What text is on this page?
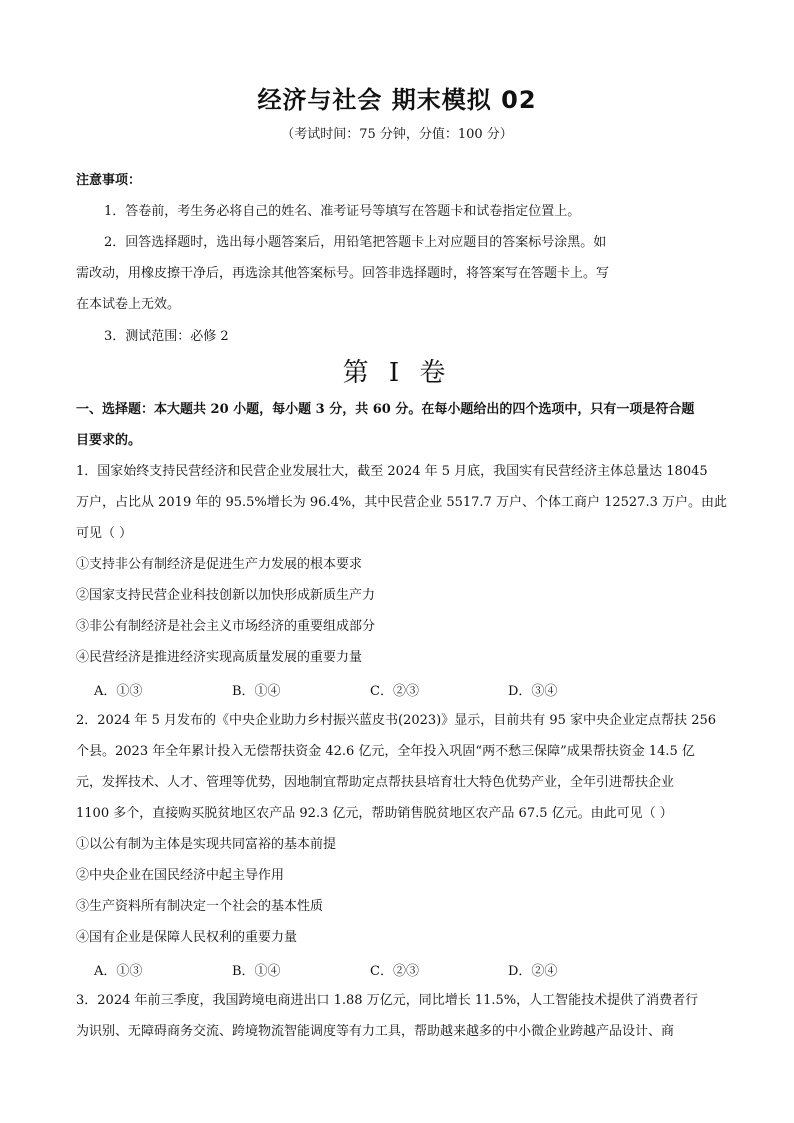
经济与社会 期末模拟 02
（考试时间：75 分钟，分值：100 分）
注意事项：
1．答卷前，考生务必将自己的姓名、准考证号等填写在答题卡和试卷指定位置上。
2．回答选择题时，选出每小题答案后，用铅笔把答题卡上对应题目的答案标号涂黑。如
需改动，用橡皮擦干净后，再选涂其他答案标号。回答非选择题时，将答案写在答题卡上。写
在本试卷上无效。
3．测试范围：必修 2
第 I 卷
一、选择题：本大题共 20 小题，每小题 3 分，共 60 分。在每小题给出的四个选项中，只有一项是符合题
目要求的。
1．国家始终支持民营经济和民营企业发展壮大，截至 2024 年 5 月底，我国实有民营经济主体总量达 18045
万户，占比从 2019 年的 95.5%增长为 96.4%，其中民营企业 5517.7 万户、个体工商户 12527.3 万户。由此
可见（ ）
①支持非公有制经济是促进生产力发展的根本要求
②国家支持民营企业科技创新以加快形成新质生产力
③非公有制经济是社会主义市场经济的重要组成部分
④民营经济是推进经济实现高质量发展的重要力量
A．①③	B．①④	C．②③	D．③④
2．2024 年 5 月发布的《中央企业助力乡村振兴蓝皮书(2023)》显示，目前共有 95 家中央企业定点帮扶 256
个县。2023 年全年累计投入无偿帮扶资金 42.6 亿元，全年投入巩固“两不愁三保障”成果帮扶资金 14.5 亿
元，发挥技术、人才、管理等优势，因地制宜帮助定点帮扶县培育壮大特色优势产业，全年引进帮扶企业
1100 多个，直接购买脱贫地区农产品 92.3 亿元，帮助销售脱贫地区农产品 67.5 亿元。由此可见（ ）
①以公有制为主体是实现共同富裕的基本前提
②中央企业在国民经济中起主导作用
③生产资料所有制决定一个社会的基本性质
④国有企业是保障人民权利的重要力量
A．①③	B．①④	C．②③	D．②④
3．2024 年前三季度，我国跨境电商进出口 1.88 万亿元，同比增长 11.5%，人工智能技术提供了消费者行
为识别、无障碍商务交流、跨境物流智能调度等有力工具，帮助越来越多的中小微企业跨越产品设计、商
